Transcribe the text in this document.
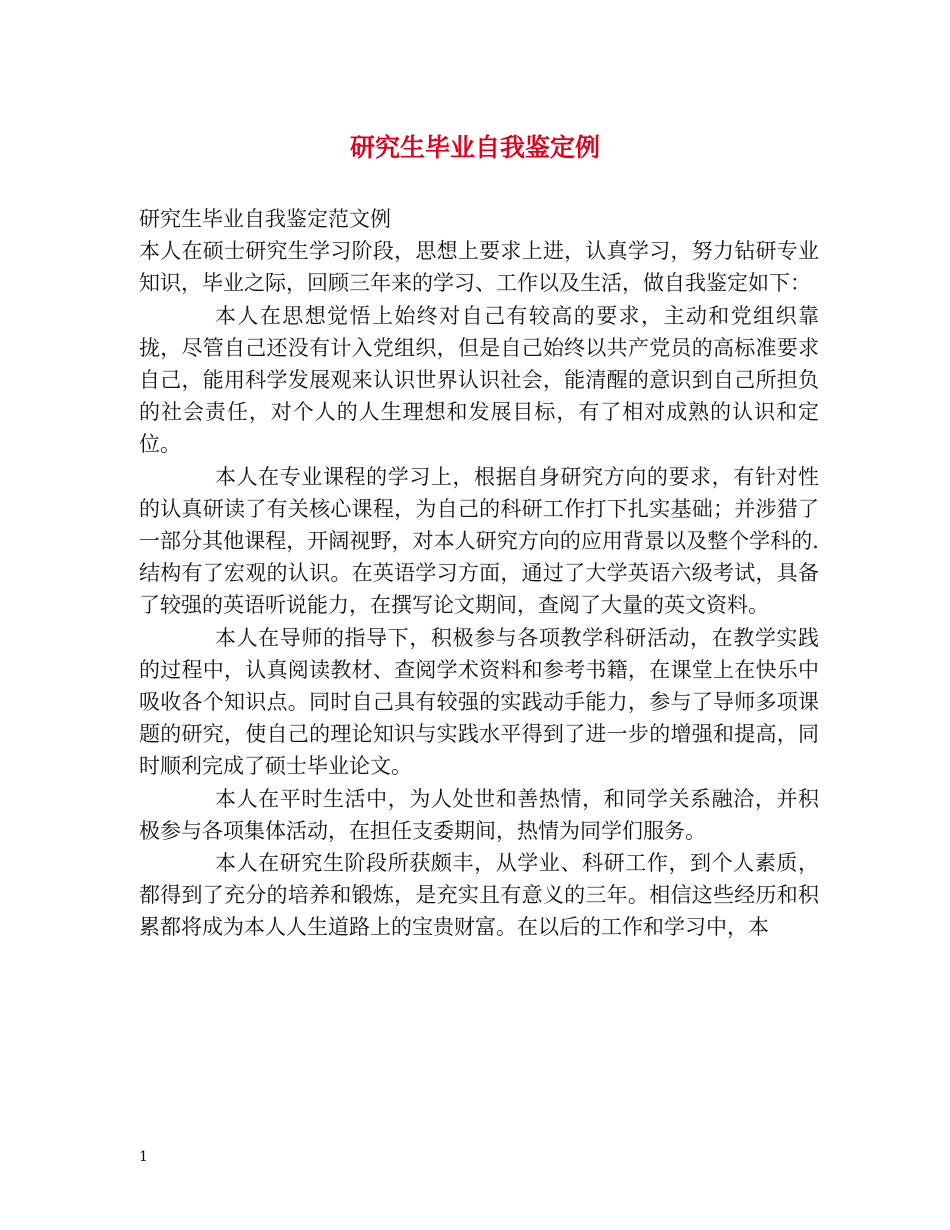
研究生毕业自我鉴定例

研究生毕业自我鉴定范文例

本人在硕士研究生学习阶段，思想上要求上进，认真学习，努力钻研专业知识，毕业之际，回顾三年来的学习、工作以及生活，做自我鉴定如下：

本人在思想觉悟上始终对自己有较高的要求，主动和党组织靠拢，尽管自己还没有计入党组织，但是自己始终以共产党员的高标准要求自己，能用科学发展观来认识世界认识社会，能清醒的意识到自己所担负的社会责任，对个人的人生理想和发展目标，有了相对成熟的认识和定位。

本人在专业课程的学习上，根据自身研究方向的要求，有针对性的认真研读了有关核心课程，为自己的科研工作打下扎实基础；并涉猎了一部分其他课程，开阔视野，对本人研究方向的应用背景以及整个学科的.结构有了宏观的认识。在英语学习方面，通过了大学英语六级考试，具备了较强的英语听说能力，在撰写论文期间，查阅了大量的英文资料。

本人在导师的指导下，积极参与各项教学科研活动，在教学实践的过程中，认真阅读教材、查阅学术资料和参考书籍，在课堂上在快乐中吸收各个知识点。同时自己具有较强的实践动手能力，参与了导师多项课题的研究，使自己的理论知识与实践水平得到了进一步的增强和提高，同时顺利完成了硕士毕业论文。

本人在平时生活中，为人处世和善热情，和同学关系融洽，并积极参与各项集体活动，在担任支委期间，热情为同学们服务。

本人在研究生阶段所获颇丰，从学业、科研工作，到个人素质，都得到了充分的培养和锻炼，是充实且有意义的三年。相信这些经历和积累都将成为本人人生道路上的宝贵财富。在以后的工作和学习中，本

1
